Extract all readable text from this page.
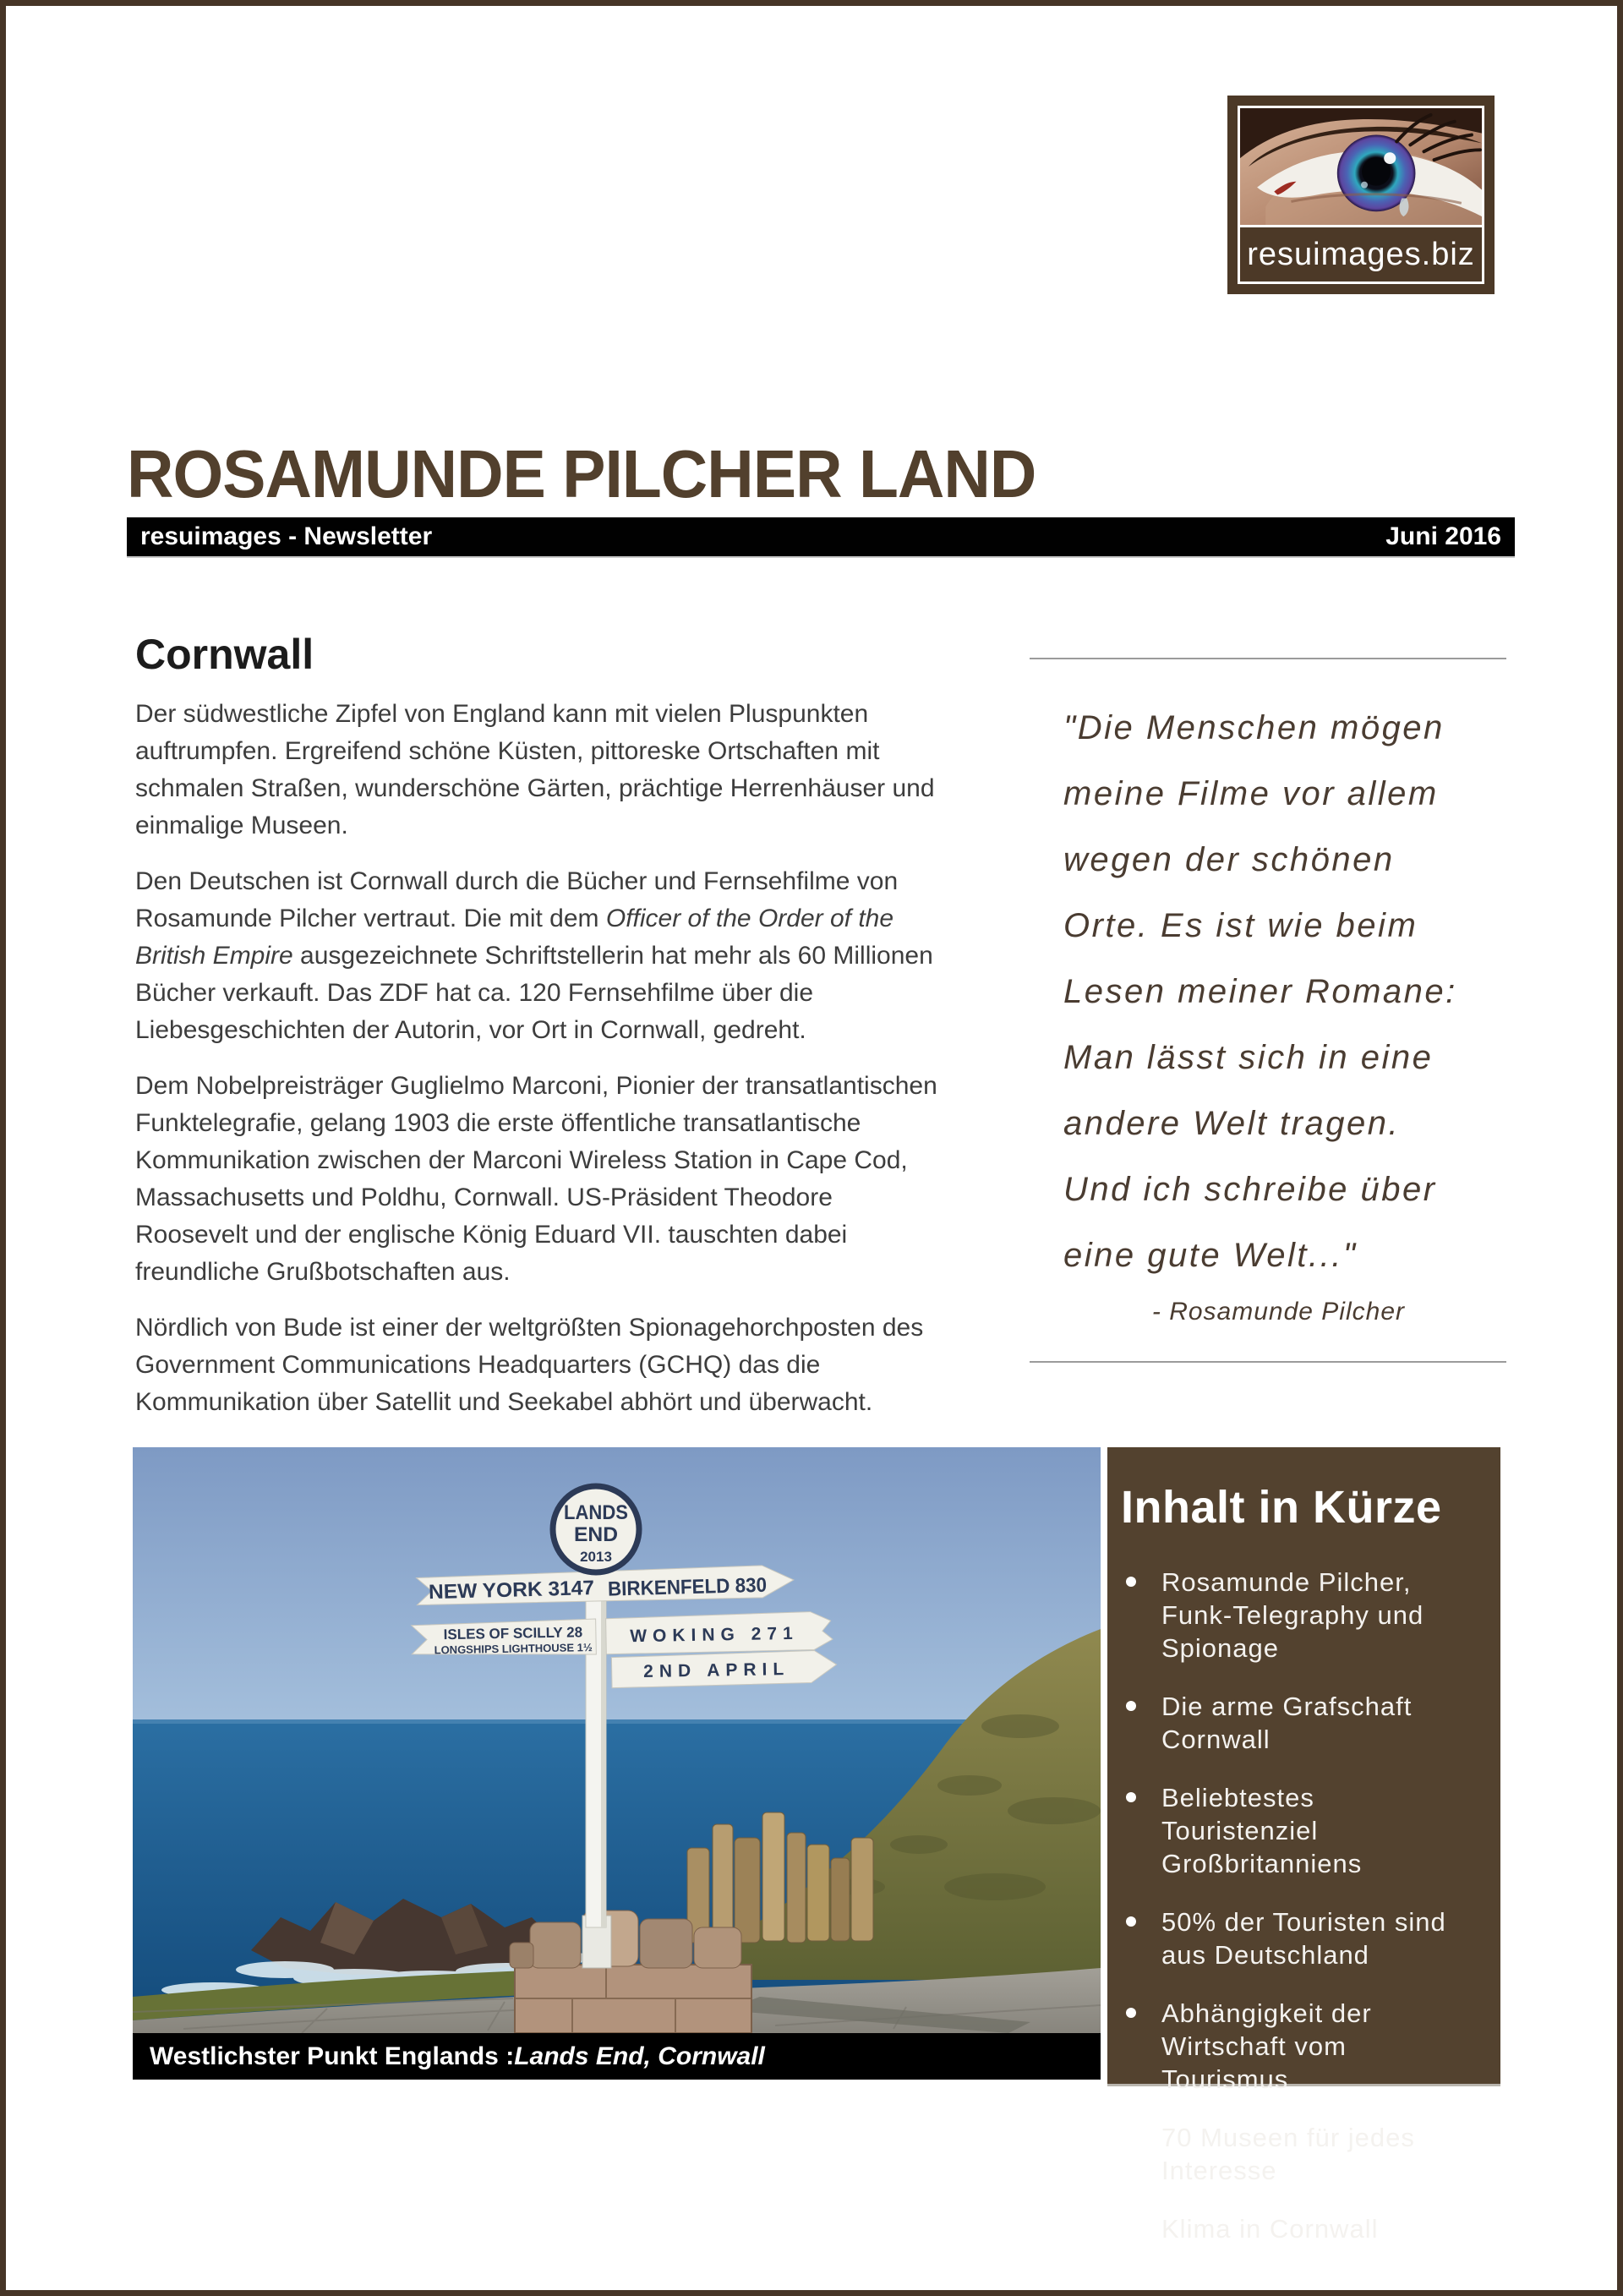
resuimages.biz
ROSAMUNDE PILCHER LAND
resuimages - Newsletter	Juni 2016
Cornwall

Der südwestliche Zipfel von England kann mit vielen Pluspunkten auftrumpfen. Ergreifend schöne Küsten, pittoreske Ortschaften mit schmalen Straßen, wunderschöne Gärten, prächtige Herrenhäuser und einmalige Museen.

Den Deutschen ist Cornwall durch die Bücher und Fernsehfilme von Rosamunde Pilcher vertraut. Die mit dem Officer of the Order of the British Empire ausgezeichnete Schriftstellerin hat mehr als 60 Millionen Bücher verkauft. Das ZDF hat ca. 120 Fernsehfilme über die Liebesgeschichten der Autorin, vor Ort in Cornwall, gedreht.

Dem Nobelpreisträger Guglielmo Marconi, Pionier der transatlantischen Funktelegrafie, gelang 1903 die erste öffentliche transatlantische Kommunikation zwischen der Marconi Wireless Station in Cape Cod, Massachusetts und Poldhu, Cornwall. US-Präsident Theodore Roosevelt und der englische König Eduard VII. tauschten dabei freundliche Grußbotschaften aus.

Nördlich von Bude ist einer der weltgrößten Spionagehorchposten des Government Communications Headquarters (GCHQ) das die Kommunikation über Satellit und Seekabel abhört und überwacht.

"Die Menschen mögen
meine Filme vor allem
wegen der schönen
Orte. Es ist wie beim
Lesen meiner Romane:
Man lässt sich in eine
andere Welt tragen.
Und ich schreibe über
eine gute Welt..."
- Rosamunde Pilcher
NEW YORK 3147 BIRKENFELD 830
ISLES OF SCILLY 28
LONGSHIPS LIGHTHOUSE 1½
WOKING 271
2ND APRIL
LANDS
END
2013
Westlichster Punkt Englands : Lands End, Cornwall
Inhalt in Kürze
Rosamunde Pilcher, Funk-Telegraphy und Spionage
Die arme Grafschaft Cornwall
Beliebtestes Touristenziel Großbritanniens
50% der Touristen sind aus Deutschland
Abhängigkeit der Wirtschaft vom Tourismus
70 Museen für jedes Interesse
Klima in Cornwall
